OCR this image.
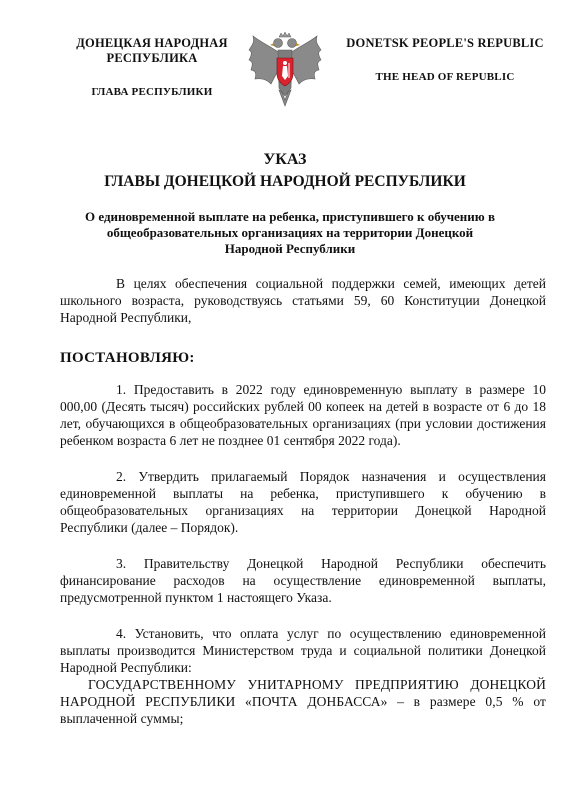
ДОНЕЦКАЯ НАРОДНАЯ РЕСПУБЛИКА
ГЛАВА РЕСПУБЛИКИ
DONETSK PEOPLE'S REPUBLIC
THE HEAD OF REPUBLIC
УКАЗ
ГЛАВЫ ДОНЕЦКОЙ НАРОДНОЙ РЕСПУБЛИКИ
О единовременной выплате на ребенка, приступившего к обучению в общеобразовательных организациях на территории Донецкой Народной Республики

В целях обеспечения социальной поддержки семей, имеющих детей школьного возраста, руководствуясь статьями 59, 60 Конституции Донецкой Народной Республики,

ПОСТАНОВЛЯЮ:

1. Предоставить в 2022 году единовременную выплату в размере 10 000,00 (Десять тысяч) российских рублей 00 копеек на детей в возрасте от 6 до 18 лет, обучающихся в общеобразовательных организациях (при условии достижения ребенком возраста 6 лет не позднее 01 сентября 2022 года).

2. Утвердить прилагаемый Порядок назначения и осуществления единовременной выплаты на ребенка, приступившего к обучению в общеобразовательных организациях на территории Донецкой Народной Республики (далее – Порядок).

3. Правительству Донецкой Народной Республики обеспечить финансирование расходов на осуществление единовременной выплаты, предусмотренной пунктом 1 настоящего Указа.

4. Установить, что оплата услуг по осуществлению единовременной выплаты производится Министерством труда и социальной политики Донецкой Народной Республики:

ГОСУДАРСТВЕННОМУ УНИТАРНОМУ ПРЕДПРИЯТИЮ ДОНЕЦКОЙ НАРОДНОЙ РЕСПУБЛИКИ «ПОЧТА ДОНБАССА» – в размере 0,5 % от выплаченной суммы;
